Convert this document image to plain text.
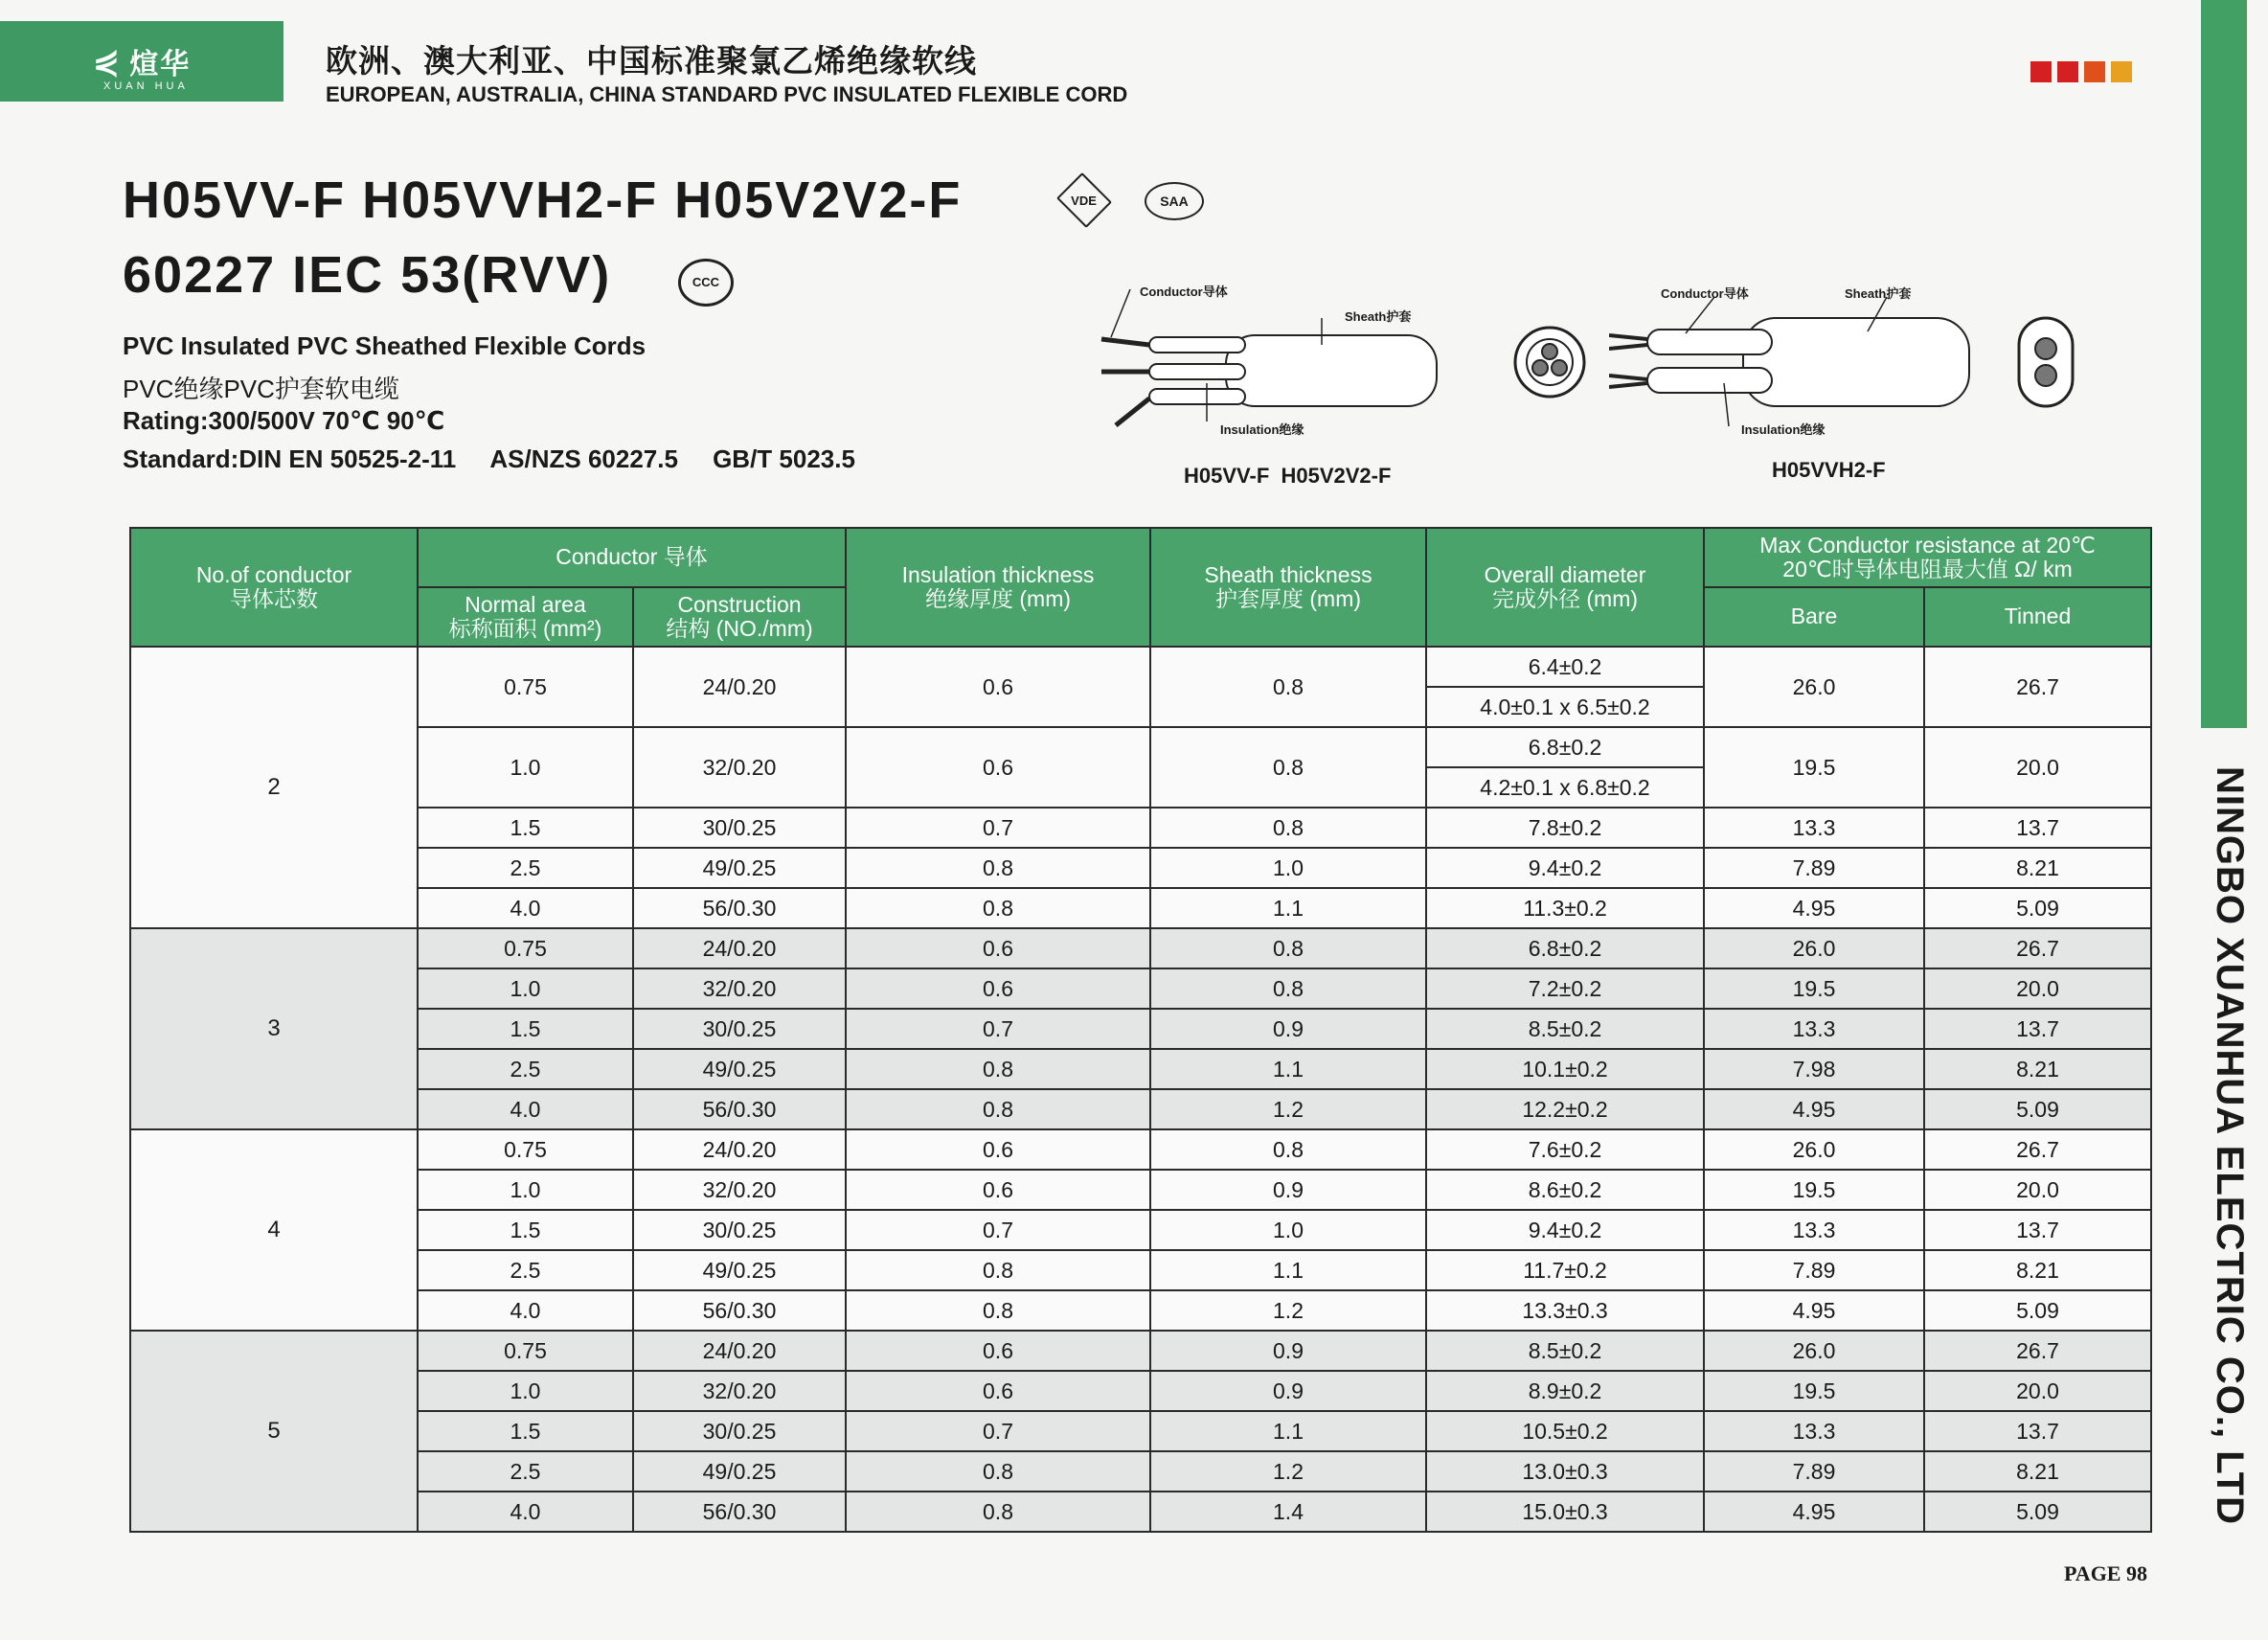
⋞ 煊华
XUAN HUA
欧洲、澳大利亚、中国标准聚氯乙烯绝缘软线
EUROPEAN, AUSTRALIA, CHINA STANDARD PVC INSULATED FLEXIBLE CORD
NINGBO XUANHUA ELECTRIC CO., LTD
H05VV-F H05VVH2-F H05V2V2-F
60227 IEC 53(RVV)
VDE	SAA
CCC
PVC Insulated PVC Sheathed Flexible Cords
PVC绝缘PVC护套软电缆
Rating:300/500V 70℃ 90℃
Standard:DIN EN 50525-2-11     AS/NZS 60227.5     GB/T 5023.5
Conductor导体
Sheath护套
Insulation绝缘
H05VV-F  H05V2V2-F
Conductor导体	Sheath护套
Insulation绝缘
H05VVH2-F
No.of conductor
导体芯数	Conductor 导体		Insulation thickness
绝缘厚度 (mm)	Sheath thickness
护套厚度 (mm)	Overall diameter
完成外径 (mm)	Max Conductor resistance at 20℃
20℃时导体电阻最大值 Ω/ km	
	Normal area
标称面积 (mm²)	Construction
结构 (NO./mm)				Bare	Tinned
2	0.75	24/0.20	0.6	0.8	6.4±0.2	26.0	26.7
					4.0±0.1 x 6.5±0.2		
	1.0	32/0.20	0.6	0.8	6.8±0.2	19.5	20.0
					4.2±0.1 x 6.8±0.2		
	1.5	30/0.25	0.7	0.8	7.8±0.2	13.3	13.7
	2.5	49/0.25	0.8	1.0	9.4±0.2	7.89	8.21
	4.0	56/0.30	0.8	1.1	11.3±0.2	4.95	5.09
3	0.75	24/0.20	0.6	0.8	6.8±0.2	26.0	26.7
	1.0	32/0.20	0.6	0.8	7.2±0.2	19.5	20.0
	1.5	30/0.25	0.7	0.9	8.5±0.2	13.3	13.7
	2.5	49/0.25	0.8	1.1	10.1±0.2	7.98	8.21
	4.0	56/0.30	0.8	1.2	12.2±0.2	4.95	5.09
4	0.75	24/0.20	0.6	0.8	7.6±0.2	26.0	26.7
	1.0	32/0.20	0.6	0.9	8.6±0.2	19.5	20.0
	1.5	30/0.25	0.7	1.0	9.4±0.2	13.3	13.7
	2.5	49/0.25	0.8	1.1	11.7±0.2	7.89	8.21
	4.0	56/0.30	0.8	1.2	13.3±0.3	4.95	5.09
5	0.75	24/0.20	0.6	0.9	8.5±0.2	26.0	26.7
	1.0	32/0.20	0.6	0.9	8.9±0.2	19.5	20.0
	1.5	30/0.25	0.7	1.1	10.5±0.2	13.3	13.7
	2.5	49/0.25	0.8	1.2	13.0±0.3	7.89	8.21
	4.0	56/0.30	0.8	1.4	15.0±0.3	4.95	5.09
PAGE 98
